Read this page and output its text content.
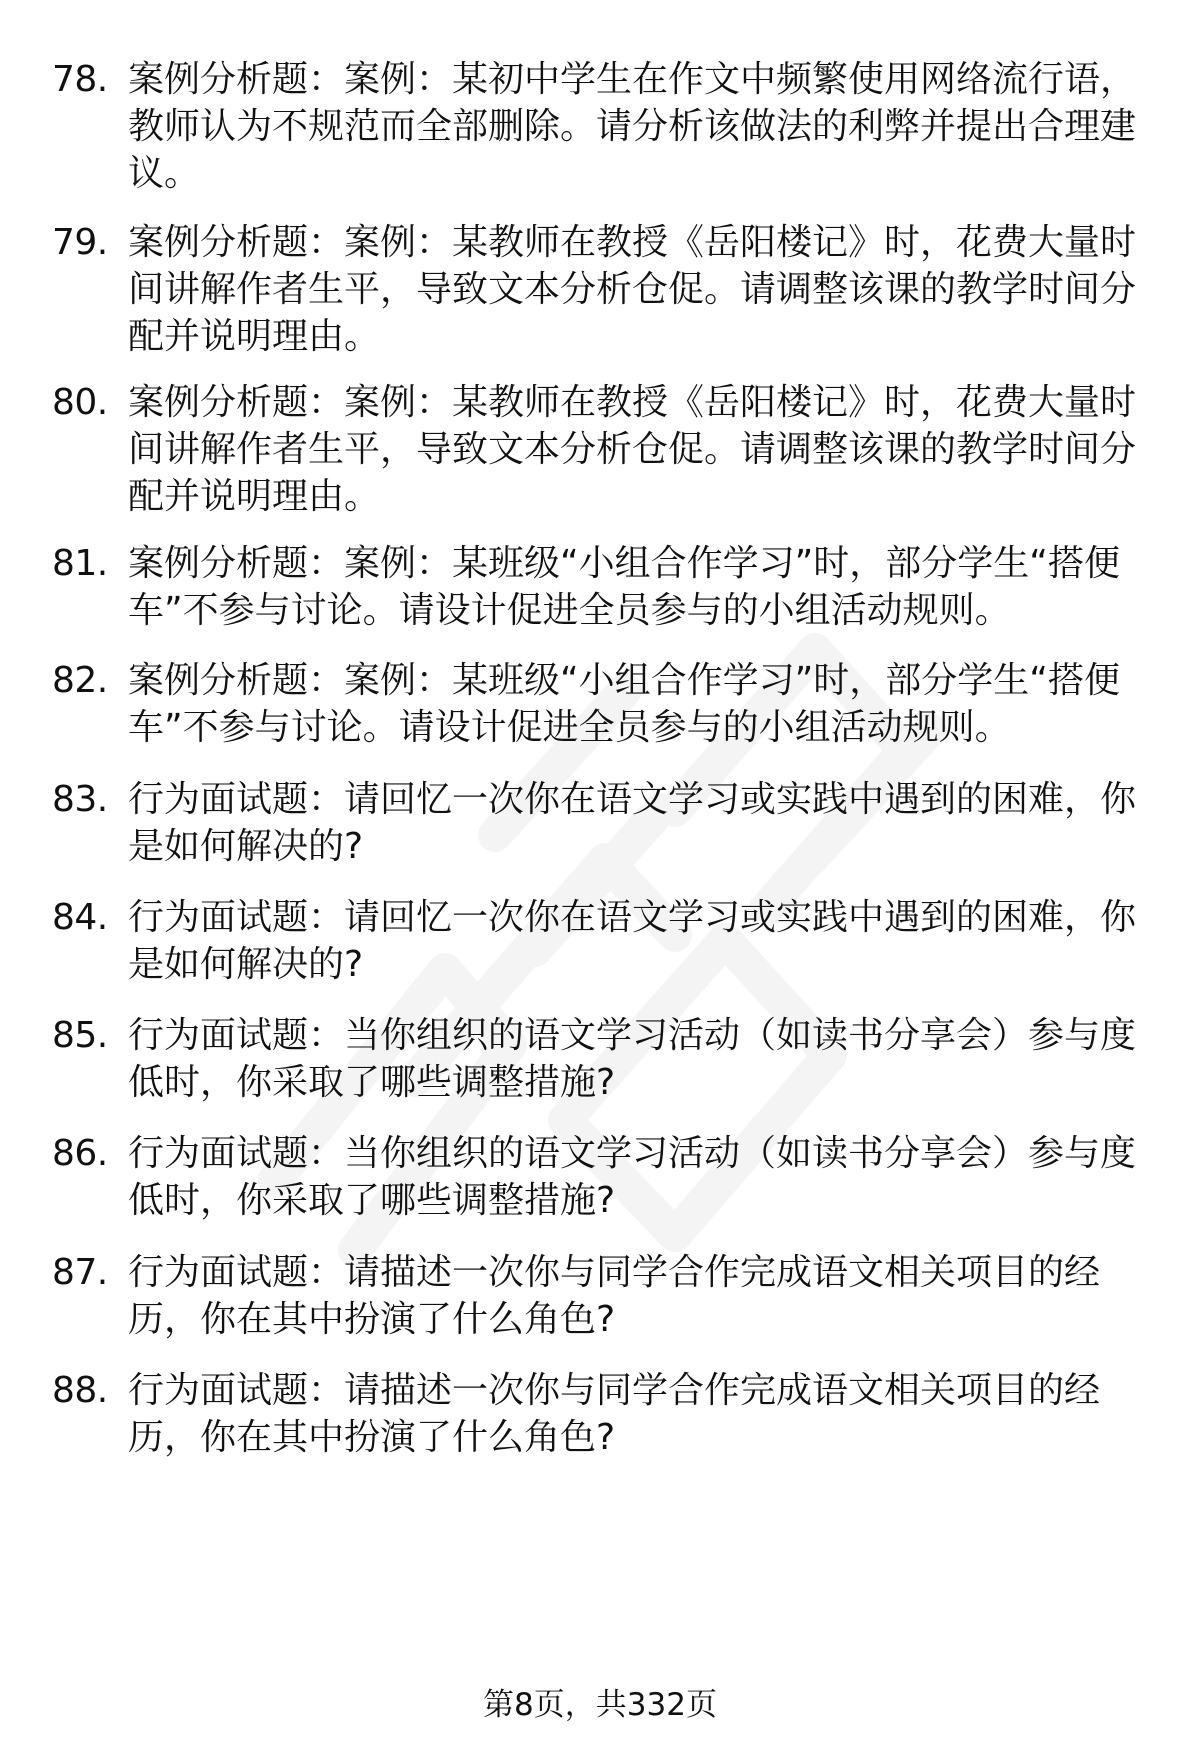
78. 案例分析题：案例：某初中学生在作文中频繁使用网络流行语，教师认为不规范而全部删除。请分析该做法的利弊并提出合理建议。
79. 案例分析题：案例：某教师在教授《岳阳楼记》时，花费大量时间讲解作者生平，导致文本分析仓促。请调整该课的教学时间分配并说明理由。
80. 案例分析题：案例：某教师在教授《岳阳楼记》时，花费大量时间讲解作者生平，导致文本分析仓促。请调整该课的教学时间分配并说明理由。
81. 案例分析题：案例：某班级“小组合作学习”时，部分学生“搭便车”不参与讨论。请设计促进全员参与的小组活动规则。
82. 案例分析题：案例：某班级“小组合作学习”时，部分学生“搭便车”不参与讨论。请设计促进全员参与的小组活动规则。
83. 行为面试题：请回忆一次你在语文学习或实践中遇到的困难，你是如何解决的?
84. 行为面试题：请回忆一次你在语文学习或实践中遇到的困难，你是如何解决的?
85. 行为面试题：当你组织的语文学习活动（如读书分享会）参与度低时，你采取了哪些调整措施?
86. 行为面试题：当你组织的语文学习活动（如读书分享会）参与度低时，你采取了哪些调整措施?
87. 行为面试题：请描述一次你与同学合作完成语文相关项目的经历，你在其中扮演了什么角色?
88. 行为面试题：请描述一次你与同学合作完成语文相关项目的经历，你在其中扮演了什么角色?
第8页，共332页
